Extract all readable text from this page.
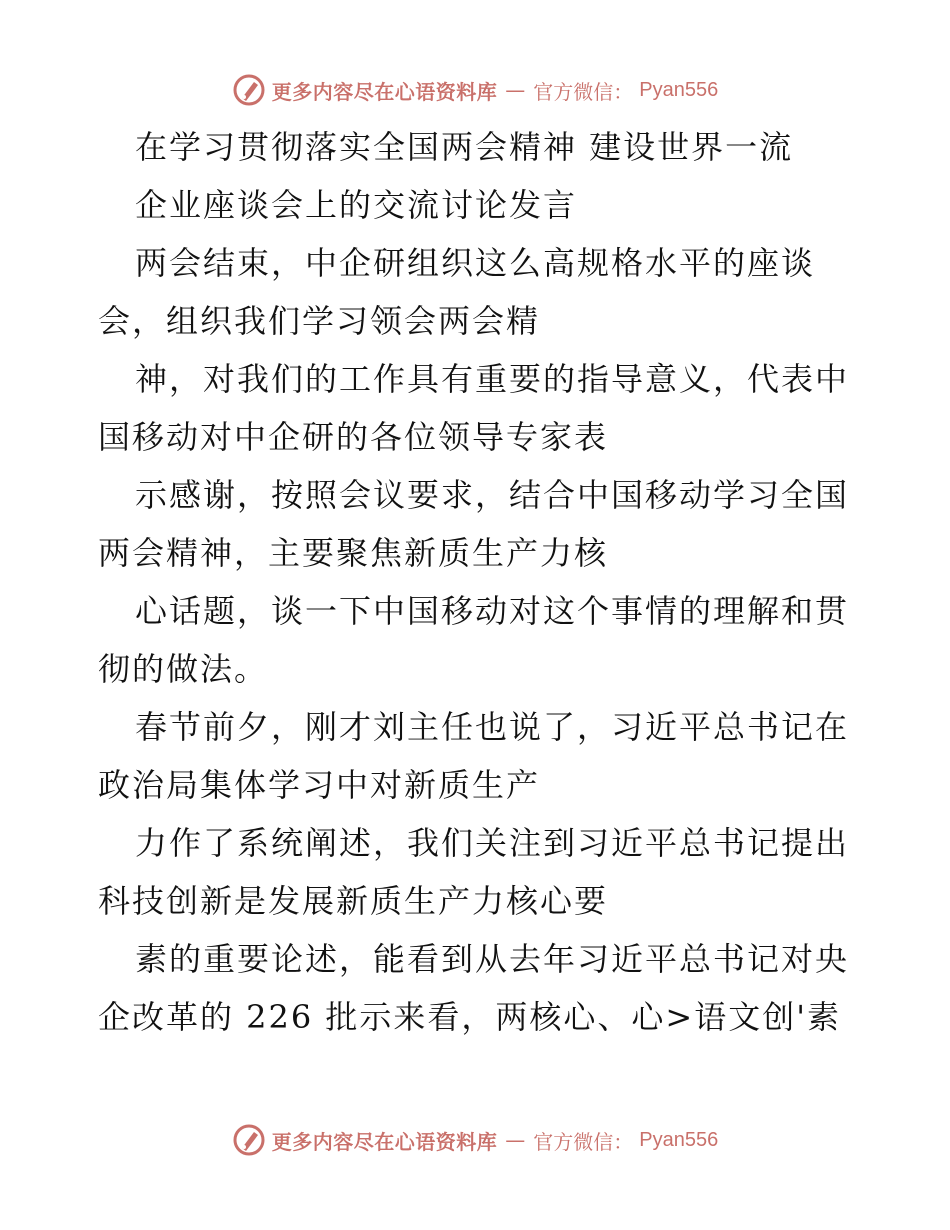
更多内容尽在心语资料库 — 官方微信： Pyan556
在学习贯彻落实全国两会精神 建设世界一流
企业座谈会上的交流讨论发言
两会结束，中企研组织这么高规格水平的座谈
会，组织我们学习领会两会精
神，对我们的工作具有重要的指导意义，代表中
国移动对中企研的各位领导专家表
示感谢，按照会议要求，结合中国移动学习全国
两会精神，主要聚焦新质生产力核
心话题，谈一下中国移动对这个事情的理解和贯
彻的做法。
春节前夕，刚才刘主任也说了，习近平总书记在
政治局集体学习中对新质生产
力作了系统阐述，我们关注到习近平总书记提出
科技创新是发展新质生产力核心要
素的重要论述，能看到从去年习近平总书记对央
企改革的 226 批示来看，两核心、心>语文创'素
更多内容尽在心语资料库 — 官方微信： Pyan556
